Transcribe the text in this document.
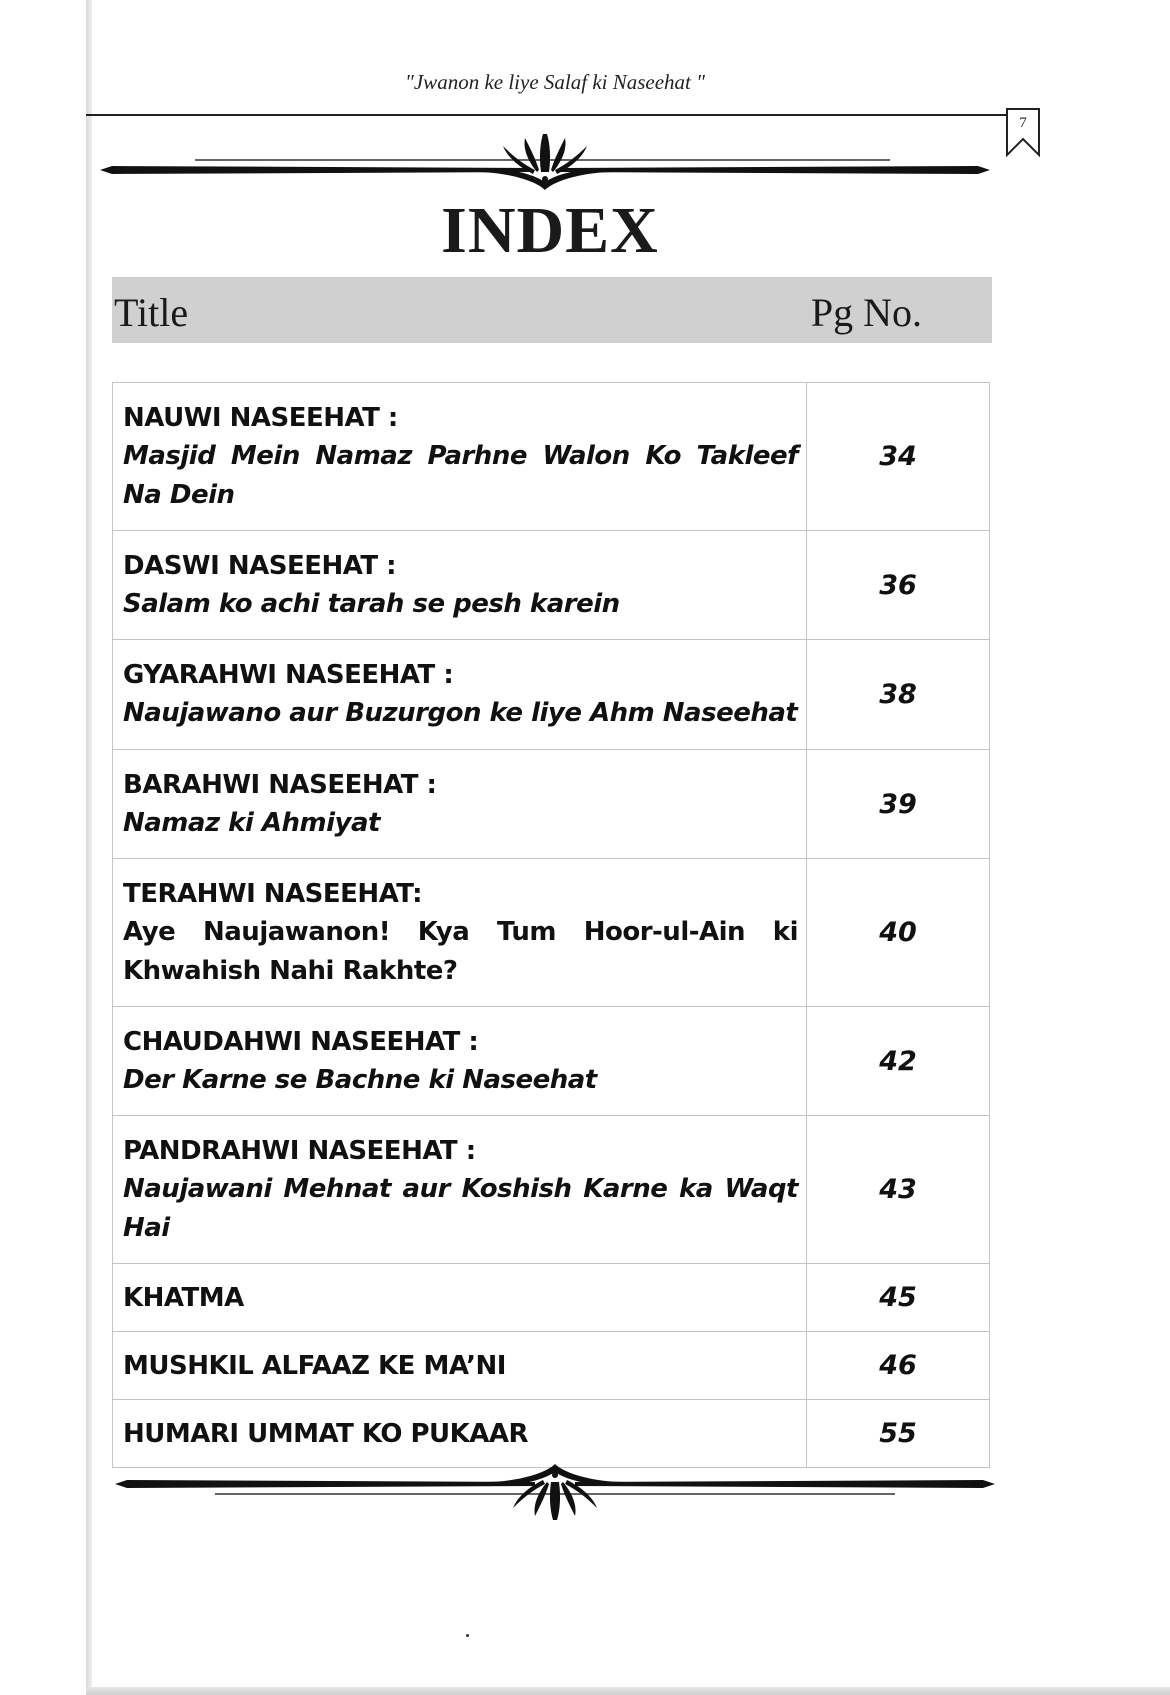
"Jwanon ke liye Salaf ki Naseehat "
7
INDEX
Title	Pg No.
NAUWI NASEEHAT :
Masjid Mein Namaz Parhne Walon Ko Takleef Na Dein	34

DASWI NASEEHAT :
Salam ko achi tarah se pesh karein	36

GYARAHWI NASEEHAT :
Naujawano aur Buzurgon ke liye Ahm Naseehat	38

BARAHWI NASEEHAT :
Namaz ki Ahmiyat	39

TERAHWI NASEEHAT:
Aye Naujawanon! Kya Tum Hoor-ul-Ain ki Khwahish Nahi Rakhte?	40

CHAUDAHWI NASEEHAT :
Der Karne se Bachne ki Naseehat	42

PANDRAHWI NASEEHAT :
Naujawani Mehnat aur Koshish Karne ka Waqt Hai	43

KHATMA	45

MUSHKIL ALFAAZ KE MA’NI	46

HUMARI UMMAT KO PUKAAR	55
